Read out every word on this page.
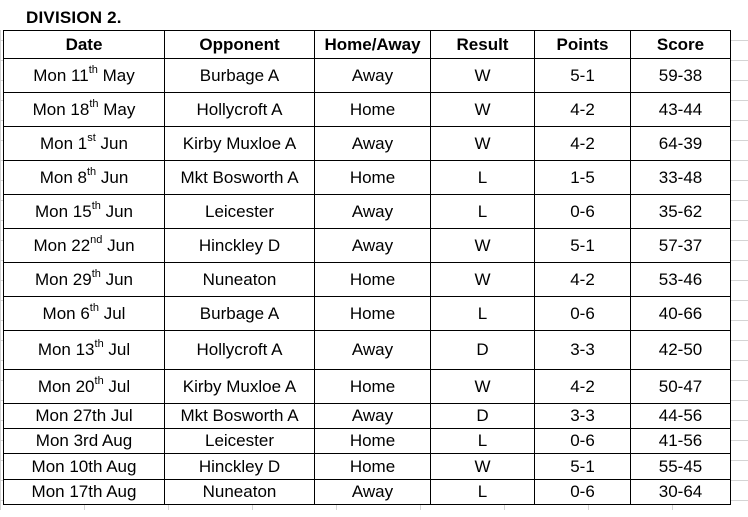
DIVISION 2.
Date	Opponent	Home/Away	Result	Points	Score
Mon 11th May	Burbage A	Away	W	5-1	59-38
Mon 18th May	Hollycroft A	Home	W	4-2	43-44
Mon 1st Jun	Kirby Muxloe A	Away	W	4-2	64-39
Mon 8th Jun	Mkt Bosworth A	Home	L	1-5	33-48
Mon 15th Jun	Leicester	Away	L	0-6	35-62
Mon 22nd Jun	Hinckley D	Away	W	5-1	57-37
Mon 29th Jun	Nuneaton	Home	W	4-2	53-46
Mon 6th Jul	Burbage A	Home	L	0-6	40-66
Mon 13th Jul	Hollycroft A	Away	D	3-3	42-50
Mon 20th Jul	Kirby Muxloe A	Home	W	4-2	50-47
Mon 27th Jul	Mkt Bosworth A	Away	D	3-3	44-56
Mon 3rd Aug	Leicester	Home	L	0-6	41-56
Mon 10th Aug	Hinckley D	Home	W	5-1	55-45
Mon 17th Aug	Nuneaton	Away	L	0-6	30-64
